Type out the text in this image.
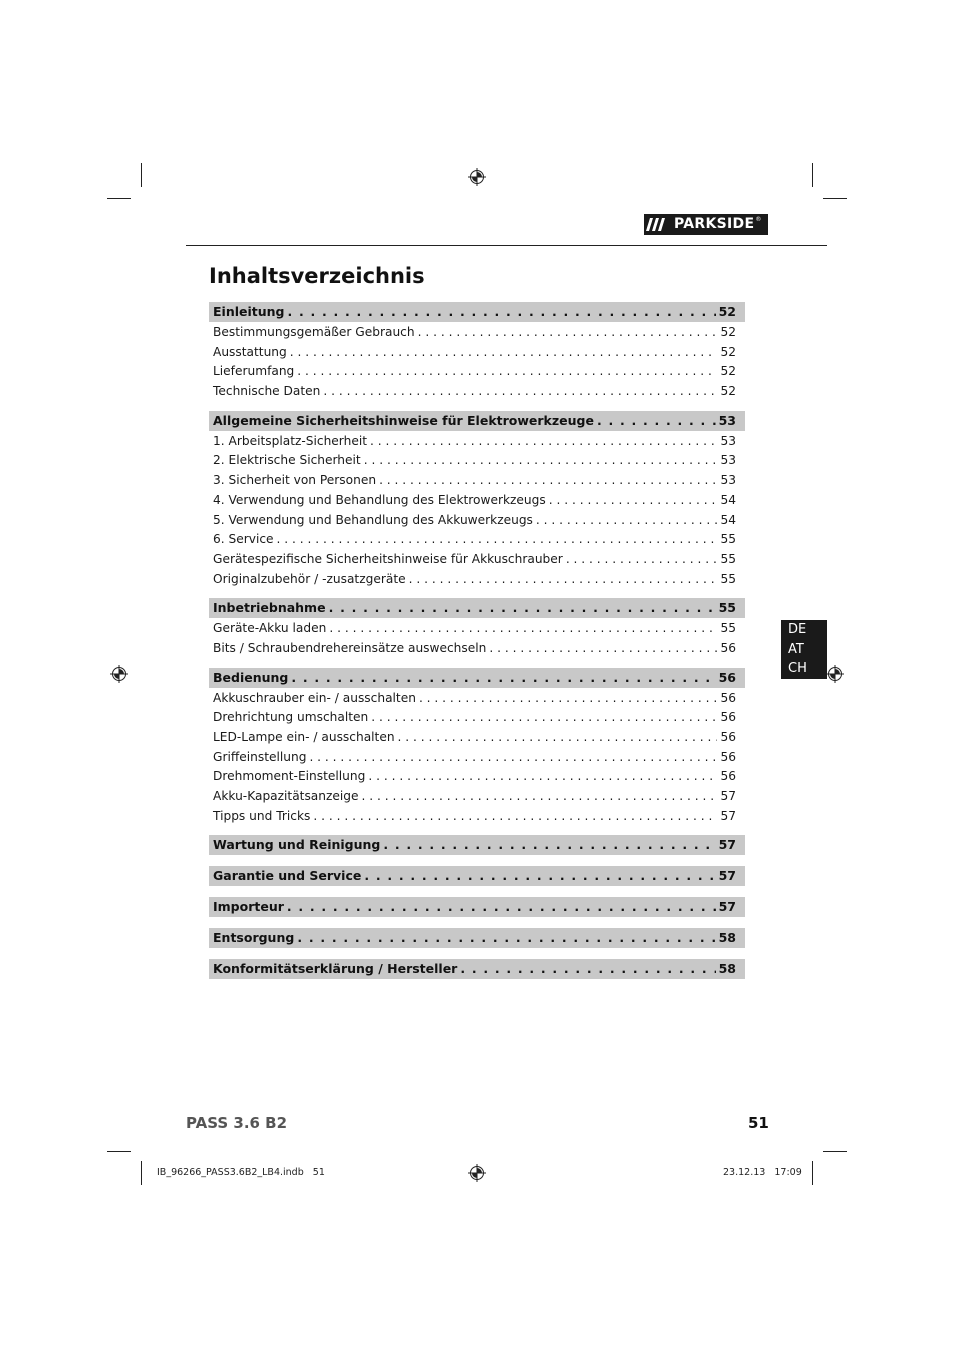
PARKSIDE ®
Inhaltsverzeichnis
Einleitung . . .	52
Bestimmungsgemäßer Gebrauch . . .	52
Ausstattung . . .	52
Lieferumfang . . .	52
Technische Daten . . .	52
Allgemeine Sicherheitshinweise für Elektrowerkzeuge . . .	53
1. Arbeitsplatz-Sicherheit . . .	53
2. Elektrische Sicherheit . . .	53
3. Sicherheit von Personen . . .	53
4. Verwendung und Behandlung des Elektrowerkzeugs . . .	54
5. Verwendung und Behandlung des Akkuwerkzeugs . . .	54
6. Service . . .	55
Gerätespezifische Sicherheitshinweise für Akkuschrauber . . .	55
Originalzubehör / -zusatzgeräte . . .	55
Inbetriebnahme . . .	55
Geräte-Akku laden . . .	55
Bits / Schraubendrehereinsätze auswechseln . . .	56
Bedienung . . .	56
Akkuschrauber ein- / ausschalten . . .	56
Drehrichtung umschalten . . .	56
LED-Lampe ein- / ausschalten . . .	56
Griffeinstellung . . .	56
Drehmoment-Einstellung . . .	56
Akku-Kapazitätsanzeige . . .	57
Tipps und Tricks . . .	57
Wartung und Reinigung . . .	57
Garantie und Service . . .	57
Importeur . . .	57
Entsorgung . . .	58
Konformitätserklärung / Hersteller . . .	58
DE
AT
CH
PASS 3.6 B2	51
IB_96266_PASS3.6B2_LB4.indb   51	23.12.13   17:09
